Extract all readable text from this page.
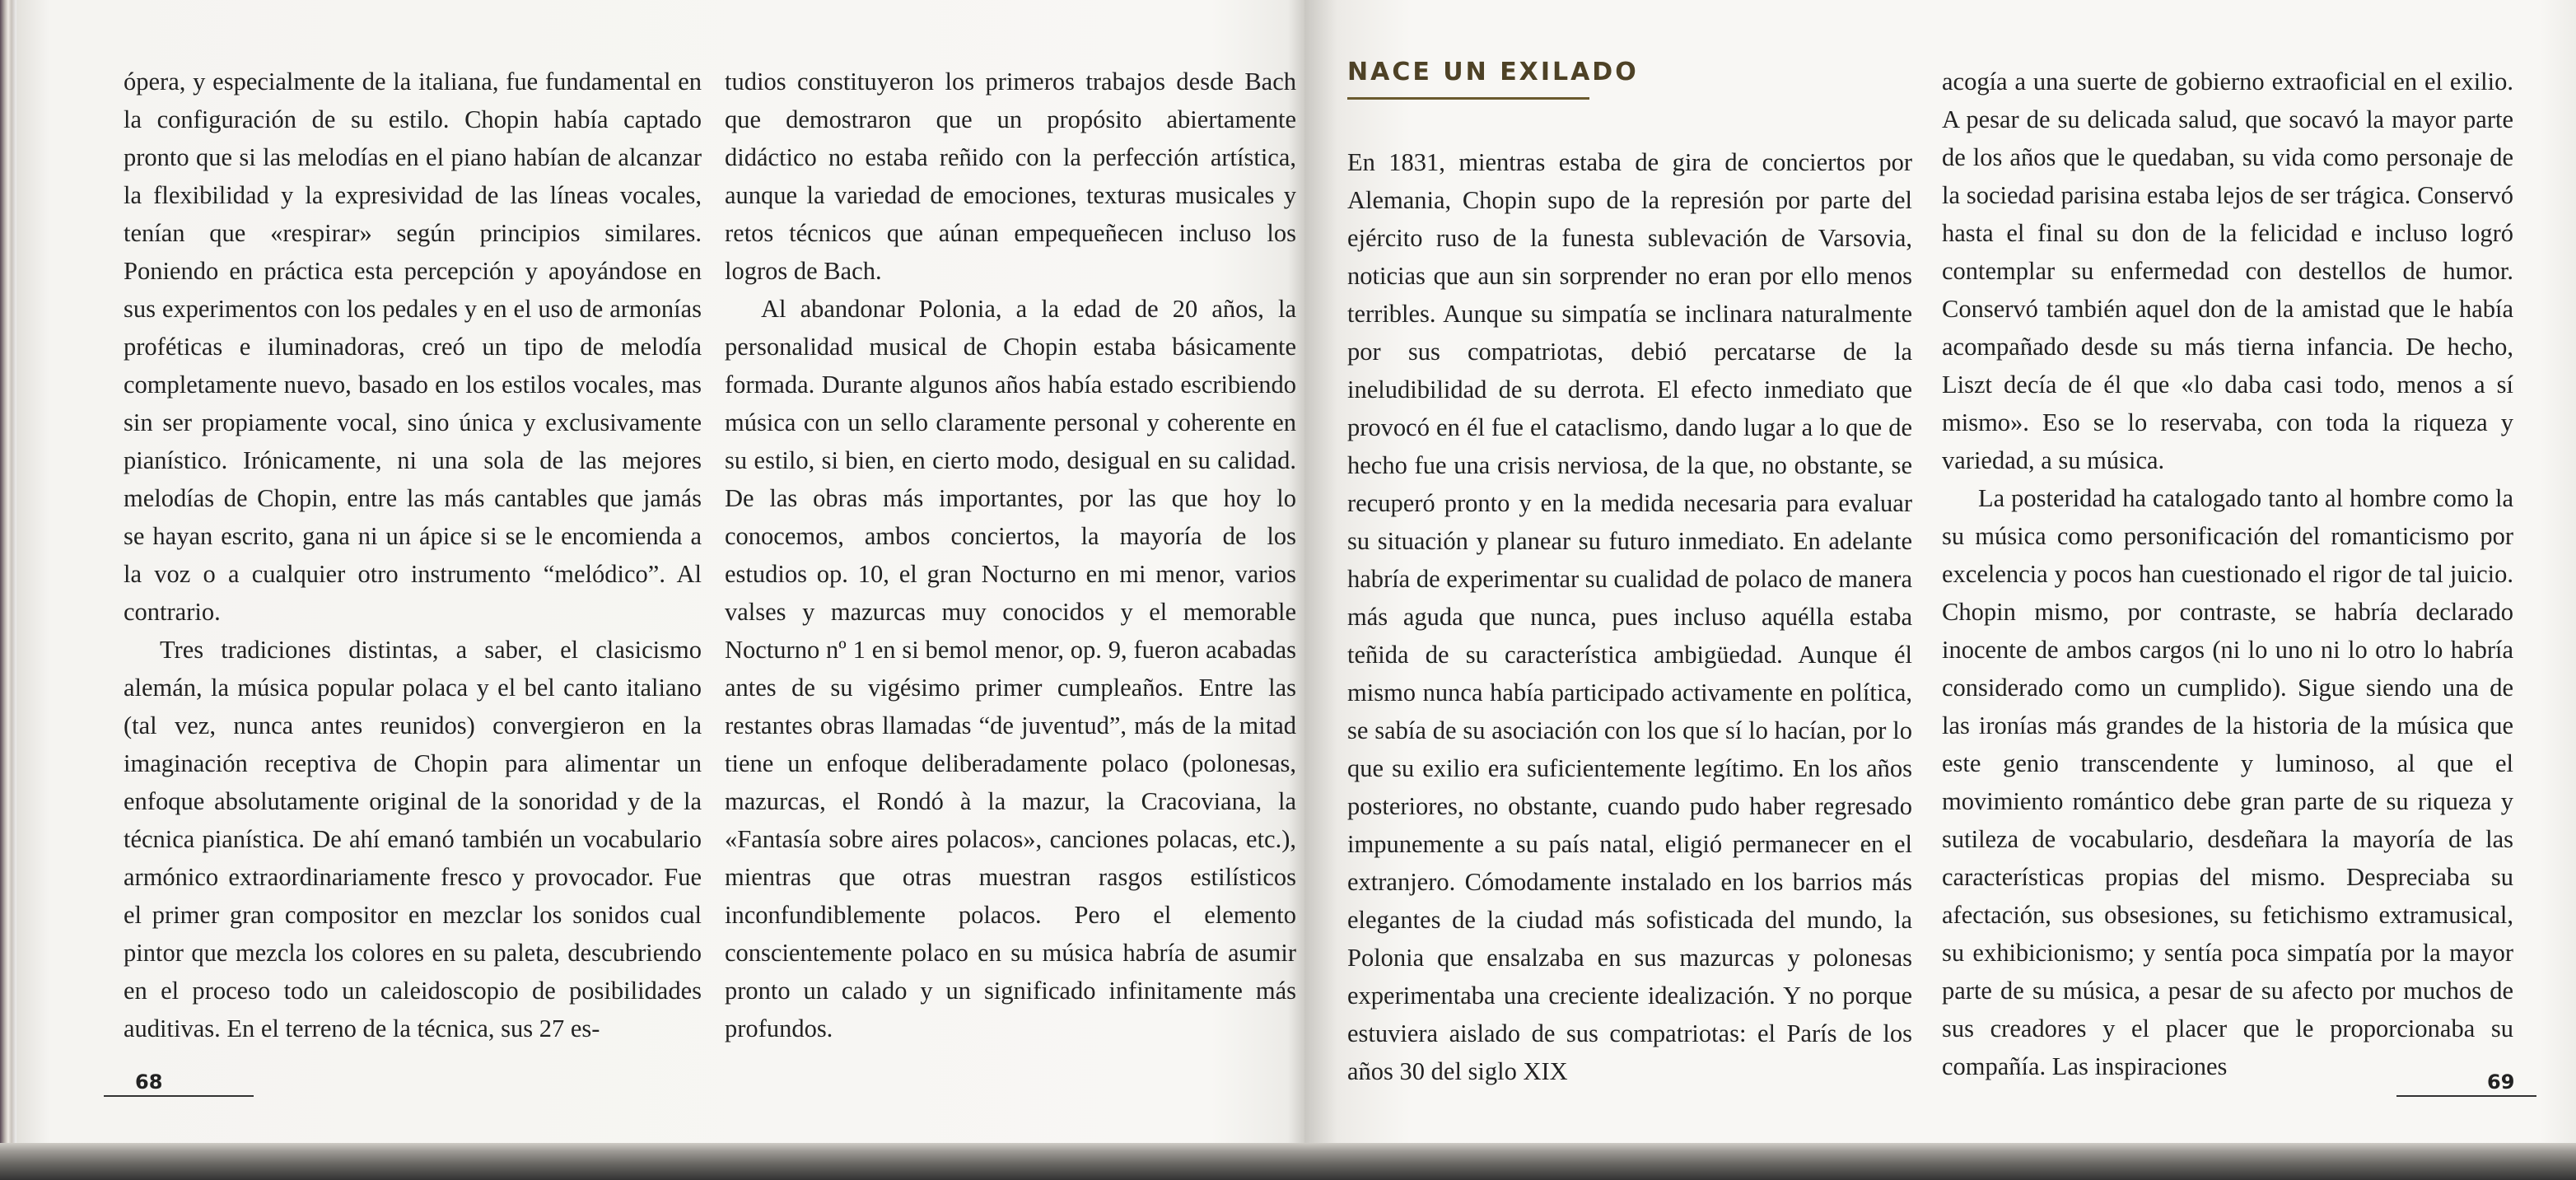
ópera, y especialmente de la italiana, fue fundamental en la configuración de su estilo. Chopin había captado pronto que si las melodías en el piano habían de alcanzar la flexibilidad y la expresividad de las líneas vocales, tenían que «respirar» según principios similares. Poniendo en práctica esta percepción y apoyándose en sus experimentos con los pedales y en el uso de armonías proféticas e iluminadoras, creó un tipo de melodía completamente nuevo, basado en los estilos vocales, mas sin ser propiamente vocal, sino única y exclusivamente pianístico. Irónicamente, ni una sola de las mejores melodías de Chopin, entre las más cantables que jamás se hayan escrito, gana ni un ápice si se le encomienda a la voz o a cualquier otro instrumento “melódico”. Al contrario.

Tres tradiciones distintas, a saber, el clasicismo alemán, la música popular polaca y el bel canto italiano (tal vez, nunca antes reunidos) convergieron en la imaginación receptiva de Chopin para alimentar un enfoque absolutamente original de la sonoridad y de la técnica pianística. De ahí emanó también un vocabulario armónico extraordinariamente fresco y provocador. Fue el primer gran compositor en mezclar los sonidos cual pintor que mezcla los colores en su paleta, descubriendo en el proceso todo un caleidoscopio de posibilidades auditivas. En el terreno de la técnica, sus 27 es-

tudios constituyeron los primeros trabajos desde Bach que demostraron que un propósito abiertamente didáctico no estaba reñido con la perfección artística, aunque la variedad de emociones, texturas musicales y retos técnicos que aúnan empequeñecen incluso los logros de Bach.

Al abandonar Polonia, a la edad de 20 años, la personalidad musical de Chopin estaba básicamente formada. Durante algunos años había estado escribiendo música con un sello claramente personal y coherente en su estilo, si bien, en cierto modo, desigual en su calidad. De las obras más importantes, por las que hoy lo conocemos, ambos conciertos, la mayoría de los estudios op. 10, el gran Nocturno en mi menor, varios valses y mazurcas muy conocidos y el memorable Nocturno nº 1 en si bemol menor, op. 9, fueron acabadas antes de su vigésimo primer cumpleaños. Entre las restantes obras llamadas “de juventud”, más de la mitad tiene un enfoque deliberadamente polaco (polonesas, mazurcas, el Rondó à la mazur, la Cracoviana, la «Fantasía sobre aires polacos», canciones polacas, etc.), mientras que otras muestran rasgos estilísticos inconfundiblemente polacos. Pero el elemento conscientemente polaco en su música habría de asumir pronto un calado y un significado infinitamente más profundos.

68
NACE UN EXILADO

En 1831, mientras estaba de gira de conciertos por Alemania, Chopin supo de la represión por parte del ejército ruso de la funesta sublevación de Varsovia, noticias que aun sin sorprender no eran por ello menos terribles. Aunque su simpatía se inclinara naturalmente por sus compatriotas, debió percatarse de la ineludibilidad de su derrota. El efecto inmediato que provocó en él fue el cataclismo, dando lugar a lo que de hecho fue una crisis nerviosa, de la que, no obstante, se recuperó pronto y en la medida necesaria para evaluar su situación y planear su futuro inmediato. En adelante habría de experimentar su cualidad de polaco de manera más aguda que nunca, pues incluso aquélla estaba teñida de su característica ambigüedad. Aunque él mismo nunca había participado activamente en política, se sabía de su asociación con los que sí lo hacían, por lo que su exilio era suficientemente legítimo. En los años posteriores, no obstante, cuando pudo haber regresado impunemente a su país natal, eligió permanecer en el extranjero. Cómodamente instalado en los barrios más elegantes de la ciudad más sofisticada del mundo, la Polonia que ensalzaba en sus mazurcas y polonesas experimentaba una creciente idealización. Y no porque estuviera aislado de sus compatriotas: el París de los años 30 del siglo XIX

acogía a una suerte de gobierno extraoficial en el exilio. A pesar de su delicada salud, que socavó la mayor parte de los años que le quedaban, su vida como personaje de la sociedad parisina estaba lejos de ser trágica. Conservó hasta el final su don de la felicidad e incluso logró contemplar su enfermedad con destellos de humor. Conservó también aquel don de la amistad que le había acompañado desde su más tierna infancia. De hecho, Liszt decía de él que «lo daba casi todo, menos a sí mismo». Eso se lo reservaba, con toda la riqueza y variedad, a su música.

La posteridad ha catalogado tanto al hombre como la su música como personificación del romanticismo por excelencia y pocos han cuestionado el rigor de tal juicio. Chopin mismo, por contraste, se habría declarado inocente de ambos cargos (ni lo uno ni lo otro lo habría considerado como un cumplido). Sigue siendo una de las ironías más grandes de la historia de la música que este genio transcendente y luminoso, al que el movimiento romántico debe gran parte de su riqueza y sutileza de vocabulario, desdeñara la mayoría de las características propias del mismo. Despreciaba su afectación, sus obsesiones, su fetichismo extramusical, su exhibicionismo; y sentía poca simpatía por la mayor parte de su música, a pesar de su afecto por muchos de sus creadores y el placer que le proporcionaba su compañía. Las inspiraciones

69
